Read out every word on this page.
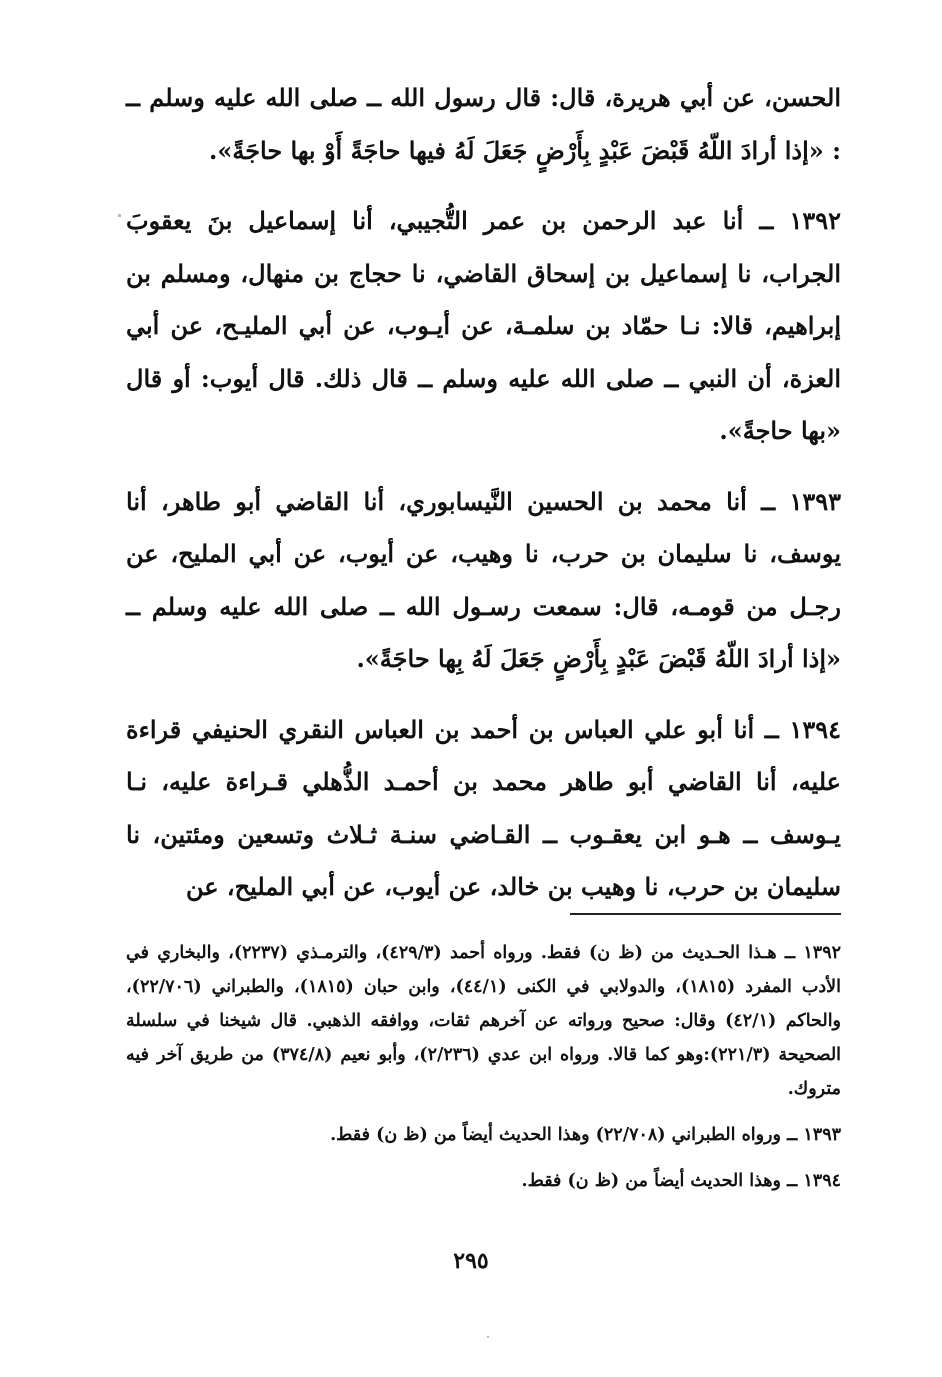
الحسن، عن أبي هريرة، قال: قال رسول الله ــ صلى الله عليه وسلم ــ : «إذا أرادَ اللّهُ قَبْضَ عَبْدٍ بِأَرْضٍ جَعَلَ لَهُ فيها حاجَةً أَوْ بها حاجَةً».

١٣٩٢ ــ أنا عبد الرحمن بن عمر التُّجيبي، أنا إسماعيل بنَ يعقوبَ الجراب، نا إسماعيل بن إسحاق القاضي، نا حجاج بن منهال، ومسلم بن إبراهيم، قالا: نـا حمّاد بن سلمـة، عن أيـوب، عن أبي المليـح، عن أبي العزة، أن النبي ــ صلى الله عليه وسلم ــ قال ذلك. قال أيوب: أو قال «بها حاجةً».

١٣٩٣ ــ أنا محمد بن الحسين النَّيسابوري، أنا القاضي أبو طاهر، أنا يوسف، نا سليمان بن حرب، نا وهيب، عن أيوب، عن أبي المليح، عن رجـل من قومـه، قال: سمعت رسـول الله ــ صلى الله عليه وسلم ــ «إذا أرادَ اللّهُ قَبْضَ عَبْدٍ بِأَرْضٍ جَعَلَ لَهُ بِها حاجَةً».

١٣٩٤ ــ أنا أبو علي العباس بن أحمد بن العباس النقري الحنيفي قراءة عليه، أنا القاضي أبو طاهر محمد بن أحمـد الذُّهلي قـراءة عليه، نـا يـوسف ــ هـو ابن يعقـوب ــ القـاضي سنـة ثـلاث وتسعين ومئتين، نا سليمان بن حرب، نا وهيب بن خالد، عن أيوب، عن أبي المليح، عن

١٣٩٢ ــ هـذا الحـديث من (ظ ن) فقط. ورواه أحمد (٤٢٩/٣)، والترمـذي (٢٢٣٧)، والبخاري في الأدب المفرد (١٨١٥)، والدولابي في الكنى (٤٤/١)، وابن حبان (١٨١٥)، والطبراني (٢٢/٧٠٦)، والحاكم (٤٢/١) وقال: صحيح ورواته عن آخرهم ثقات، ووافقه الذهبي. قال شيخنا في سلسلة الصحيحة (٢٢١/٣):وهو كما قالا. ورواه ابن عدي (٢/٢٣٦)، وأبو نعيم (٣٧٤/٨) من طريق آخر فيه متروك.

١٣٩٣ ــ ورواه الطبراني (٢٢/٧٠٨) وهذا الحديث أيضاً من (ظ ن) فقط.

١٣٩٤ ــ وهذا الحديث أيضاً من (ظ ن) فقط.

٢٩٥
